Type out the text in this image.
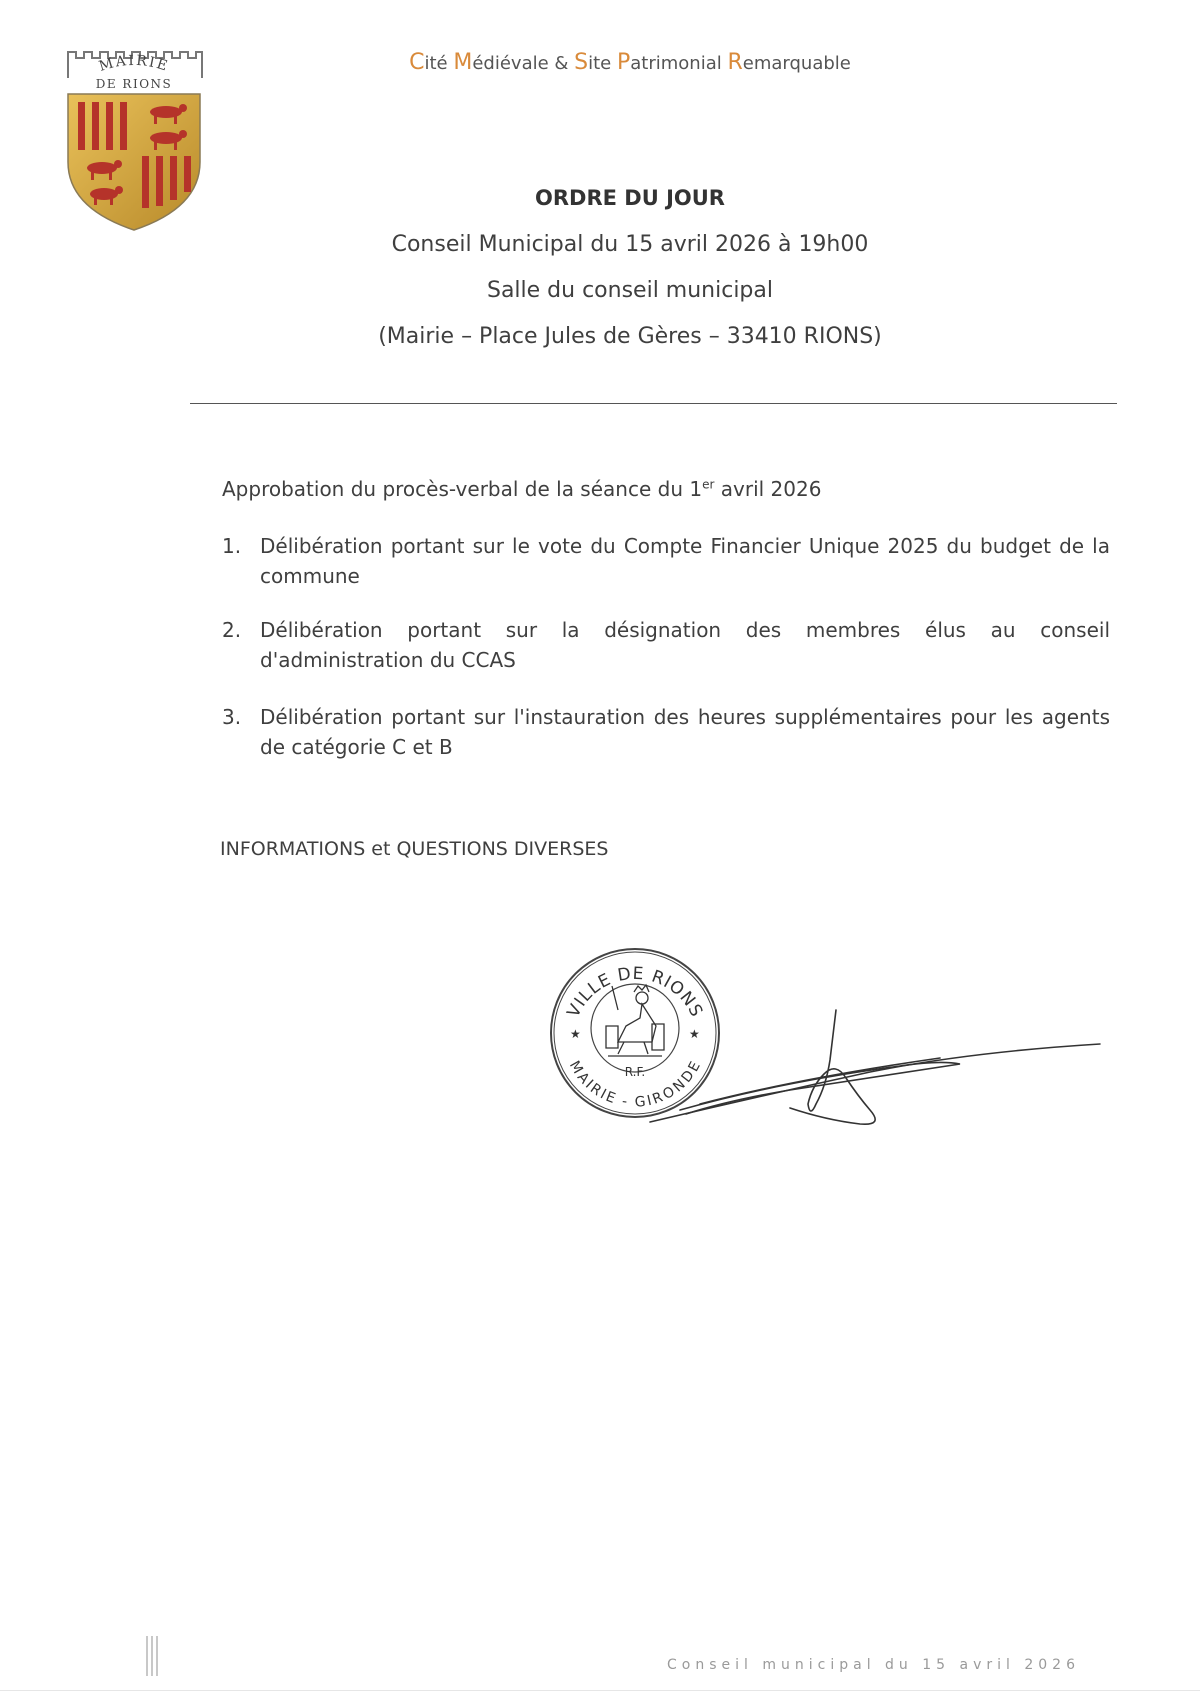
MAIRIE
DE RIONS
Cité Médiévale & Site Patrimonial Remarquable
ORDRE DU JOUR
Conseil Municipal du 15 avril 2026 à 19h00
Salle du conseil municipal
(Mairie – Place Jules de Gères – 33410 RIONS)
Approbation du procès-verbal de la séance du 1er avril 2026
1. Délibération portant sur le vote du Compte Financier Unique 2025 du budget de la commune
2. Délibération portant sur la désignation des membres élus au conseil d'administration du CCAS
3. Délibération portant sur l'instauration des heures supplémentaires pour les agents de catégorie C et B
INFORMATIONS et QUESTIONS DIVERSES
VILLE DE RIONS
MAIRIE - GIRONDE
★	★
R.F.
Conseil municipal du 15 avril 2026
